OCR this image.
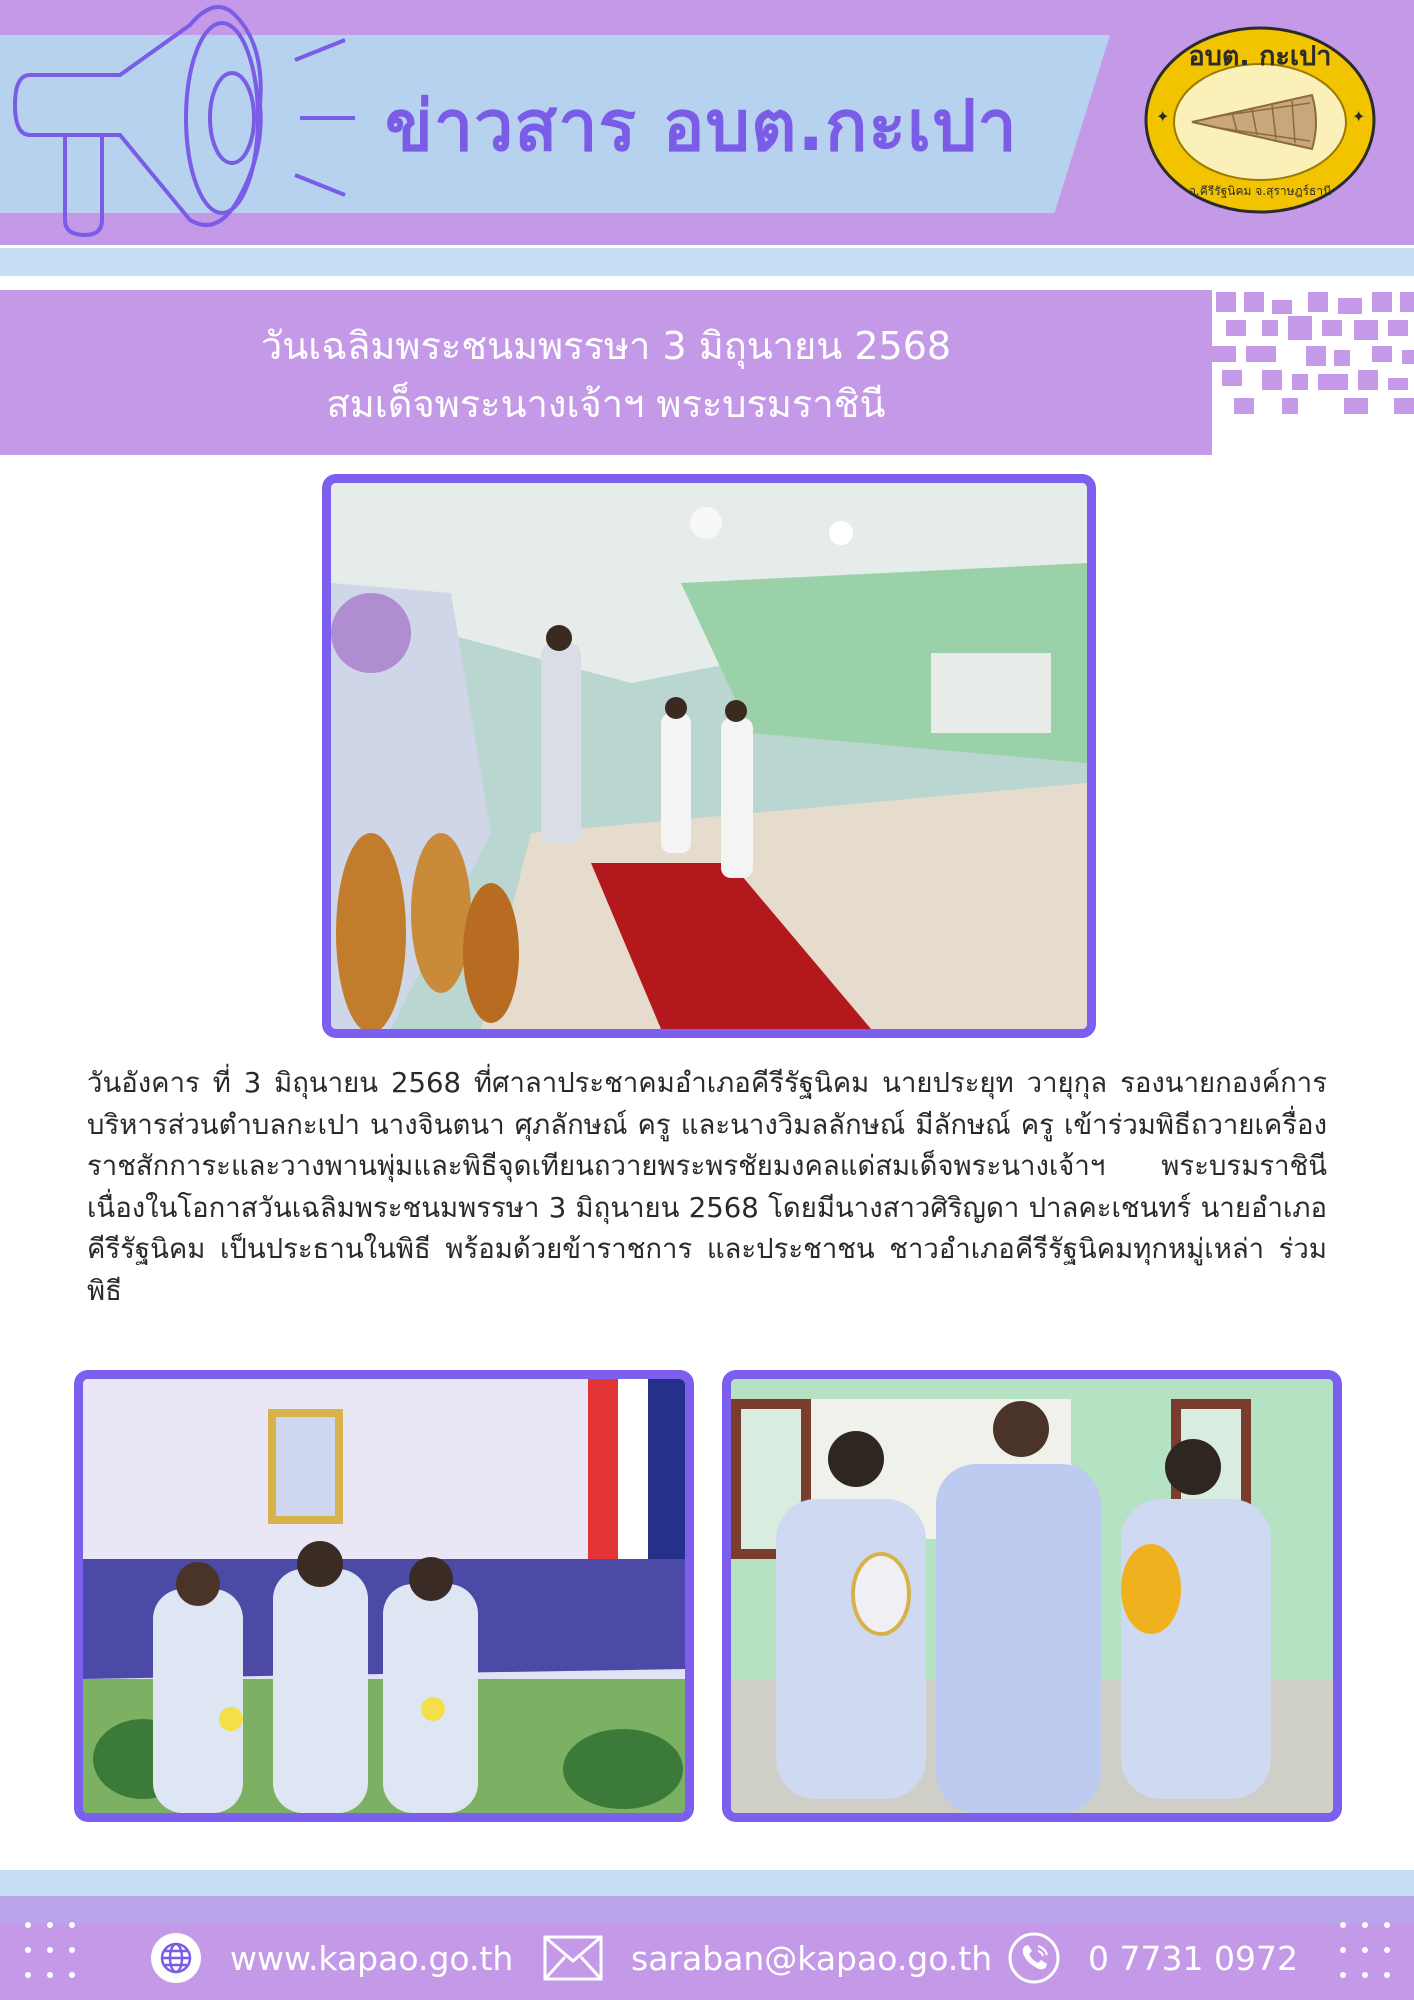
ข่าวสาร อบต.กะเปา	✦	✦
อบต. กะเปา
อ.คีรีรัฐนิคม จ.สุราษฎร์ธานี
วันเฉลิมพระชนมพรรษา 3 มิถุนายน 2568
สมเด็จพระนางเจ้าฯ พระบรมราชินี
วันอังคาร ที่ 3 มิถุนายน 2568 ที่ศาลาประชาคมอำเภอคีรีรัฐนิคม นายประยุท วายุกุล รองนายกองค์การบริหารส่วนตำบลกะเปา นางจินตนา ศุภลักษณ์ ครู และนางวิมลลักษณ์ มีลักษณ์ ครู เข้าร่วมพิธีถวายเครื่องราชสักการะและวางพานพุ่มและพิธีจุดเทียนถวายพระพรชัยมงคลแด่สมเด็จพระนางเจ้าฯ พระบรมราชินี เนื่องในโอกาสวันเฉลิมพระชนมพรรษา 3 มิถุนายน 2568 โดยมีนางสาวศิริญดา ปาลคะเชนทร์ นายอำเภอคีรีรัฐนิคม เป็นประธานในพิธี พร้อมด้วยข้าราชการ และประชาชน ชาวอำเภอคีรีรัฐนิคมทุกหมู่เหล่า ร่วมพิธี
www.kapao.go.th	saraban@kapao.go.th	0 7731 0972
